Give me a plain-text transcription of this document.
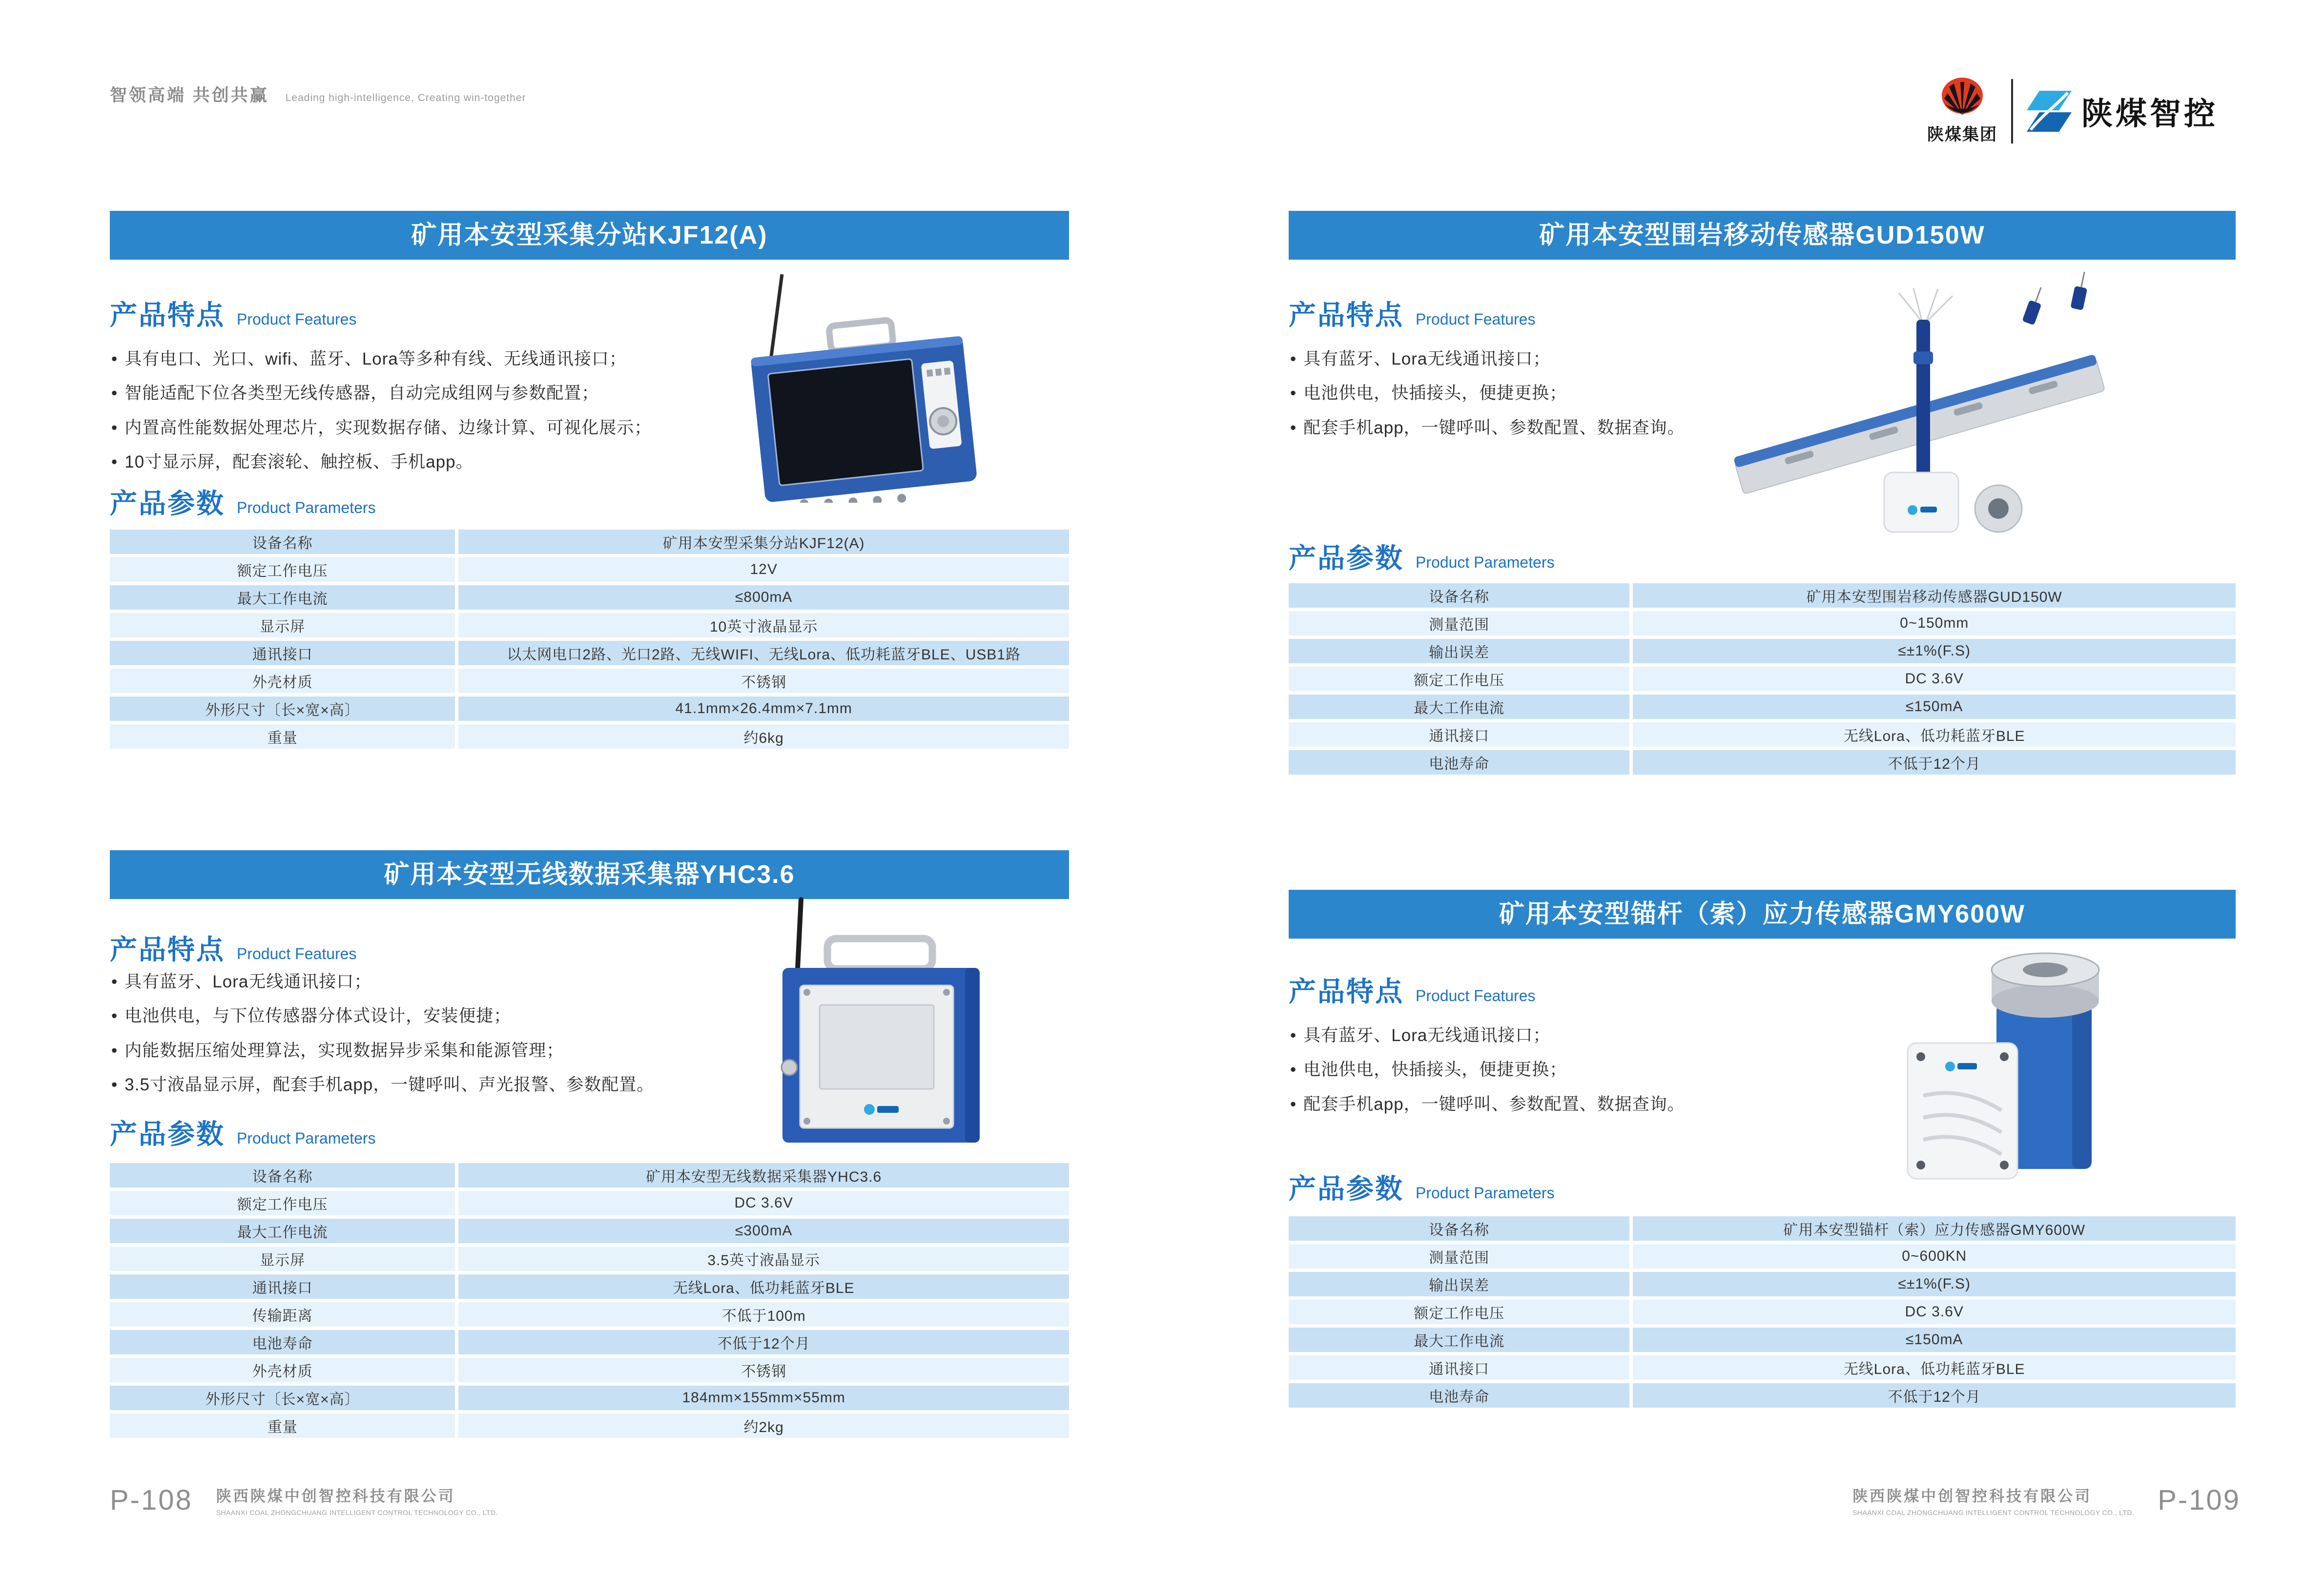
智领高端 共创共赢 Leading high-intelligence, Creating win-together
陕煤集团
陕煤智控
矿用本安型采集分站KJF12(A)
产品特点 Product Features
• 具有电口、光口、wifi、蓝牙、Lora等多种有线、无线通讯接口；
• 智能适配下位各类型无线传感器，自动完成组网与参数配置；
• 内置高性能数据处理芯片，实现数据存储、边缘计算、可视化展示；
• 10寸显示屏，配套滚轮、触控板、手机app。
产品参数 Product Parameters
设备名称	矿用本安型采集分站KJF12(A)
额定工作电压	12V
最大工作电流	≤800mA
显示屏	10英寸液晶显示
通讯接口	以太网电口2路、光口2路、无线WIFI、无线Lora、低功耗蓝牙BLE、USB1路
外壳材质	不锈钢
外形尺寸〔长×宽×高〕	41.1mm×26.4mm×7.1mm
重量	约6kg
矿用本安型围岩移动传感器GUD150W
产品特点 Product Features
• 具有蓝牙、Lora无线通讯接口；
• 电池供电，快插接头，便捷更换；
• 配套手机app，一键呼叫、参数配置、数据查询。
产品参数 Product Parameters
设备名称	矿用本安型围岩移动传感器GUD150W
测量范围	0~150mm
输出误差	≤±1%(F.S)
额定工作电压	DC 3.6V
最大工作电流	≤150mA
通讯接口	无线Lora、低功耗蓝牙BLE
电池寿命	不低于12个月
矿用本安型无线数据采集器YHC3.6
产品特点 Product Features
• 具有蓝牙、Lora无线通讯接口；
• 电池供电，与下位传感器分体式设计，安装便捷；
• 内能数据压缩处理算法，实现数据异步采集和能源管理；
• 3.5寸液晶显示屏，配套手机app，一键呼叫、声光报警、参数配置。
产品参数 Product Parameters
设备名称	矿用本安型无线数据采集器YHC3.6
额定工作电压	DC 3.6V
最大工作电流	≤300mA
显示屏	3.5英寸液晶显示
通讯接口	无线Lora、低功耗蓝牙BLE
传输距离	不低于100m
电池寿命	不低于12个月
外壳材质	不锈钢
外形尺寸〔长×宽×高〕	184mm×155mm×55mm
重量	约2kg
矿用本安型锚杆（索）应力传感器GMY600W
产品特点 Product Features
• 具有蓝牙、Lora无线通讯接口；
• 电池供电，快插接头，便捷更换；
• 配套手机app，一键呼叫、参数配置、数据查询。
产品参数 Product Parameters
设备名称	矿用本安型锚杆（索）应力传感器GMY600W
测量范围	0~600KN
输出误差	≤±1%(F.S)
额定工作电压	DC 3.6V
最大工作电流	≤150mA
通讯接口	无线Lora、低功耗蓝牙BLE
电池寿命	不低于12个月
P-108 陕西陕煤中创智控科技有限公司
SHAANXI COAL ZHONGCHUANG INTELLIGENT CONTROL TECHNOLOGY CO., LTD.
陕西陕煤中创智控科技有限公司
SHAANXI COAL ZHONGCHUANG INTELLIGENT CONTROL TECHNOLOGY CO., LTD. P-109
